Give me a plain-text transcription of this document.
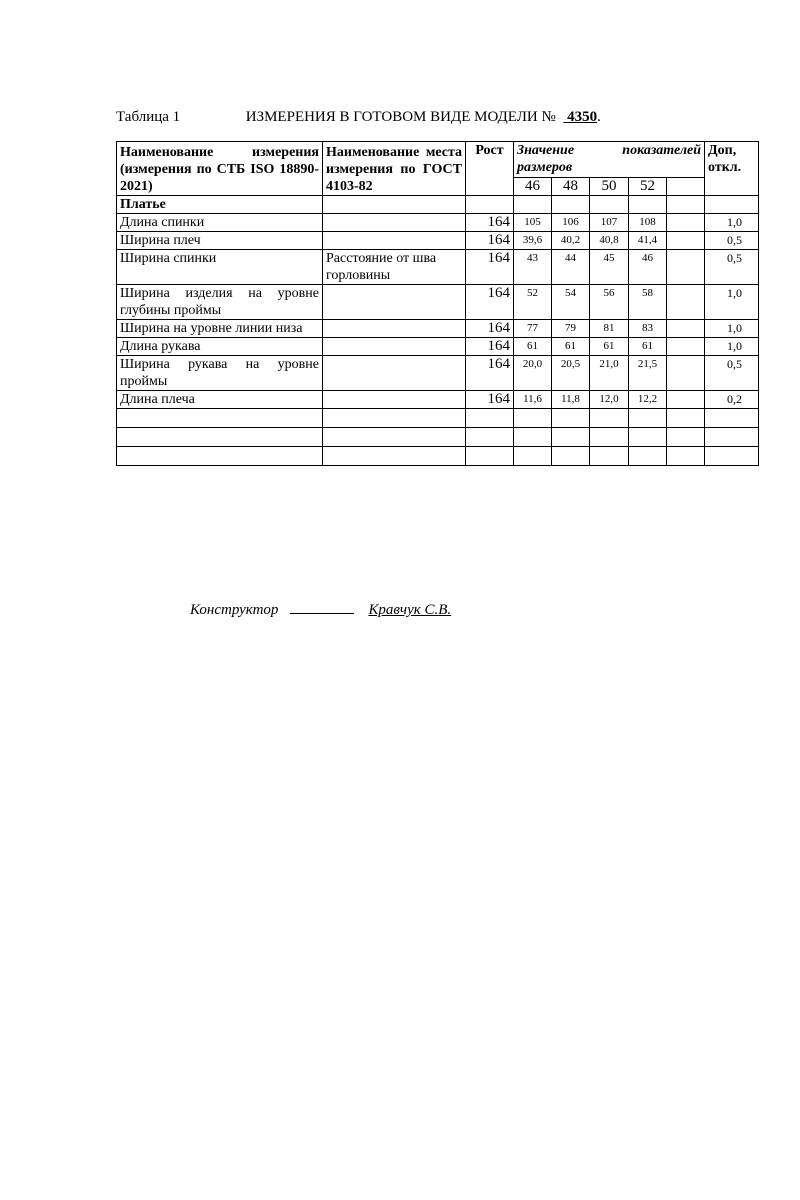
Таблица 1	ИЗМЕРЕНИЯ В ГОТОВОМ ВИДЕ МОДЕЛИ № 4350.
Наименование измерения (измерения по СТБ ISO 18890-2021)	Наименование места измерения по ГОСТ 4103-82	Рост	Значение показателей размеров					Доп, откл.
			46	48	50	52		
Платье								
Длина спинки		164	105	106	107	108		1,0
Ширина плеч		164	39,6	40,2	40,8	41,4		0,5
Ширина спинки	Расстояние от шва горловины	164	43	44	45	46		0,5
Ширина изделия на уровне глубины проймы		164	52	54	56	58		1,0
Ширина на уровне линии низа		164	77	79	81	83		1,0
Длина рукава		164	61	61	61	61		1,0
Ширина рукава на уровне проймы		164	20,0	20,5	21,0	21,5		0,5
Длина плеча		164	11,6	11,8	12,0	12,2		0,2

Конструктор	Кравчук С.В.
